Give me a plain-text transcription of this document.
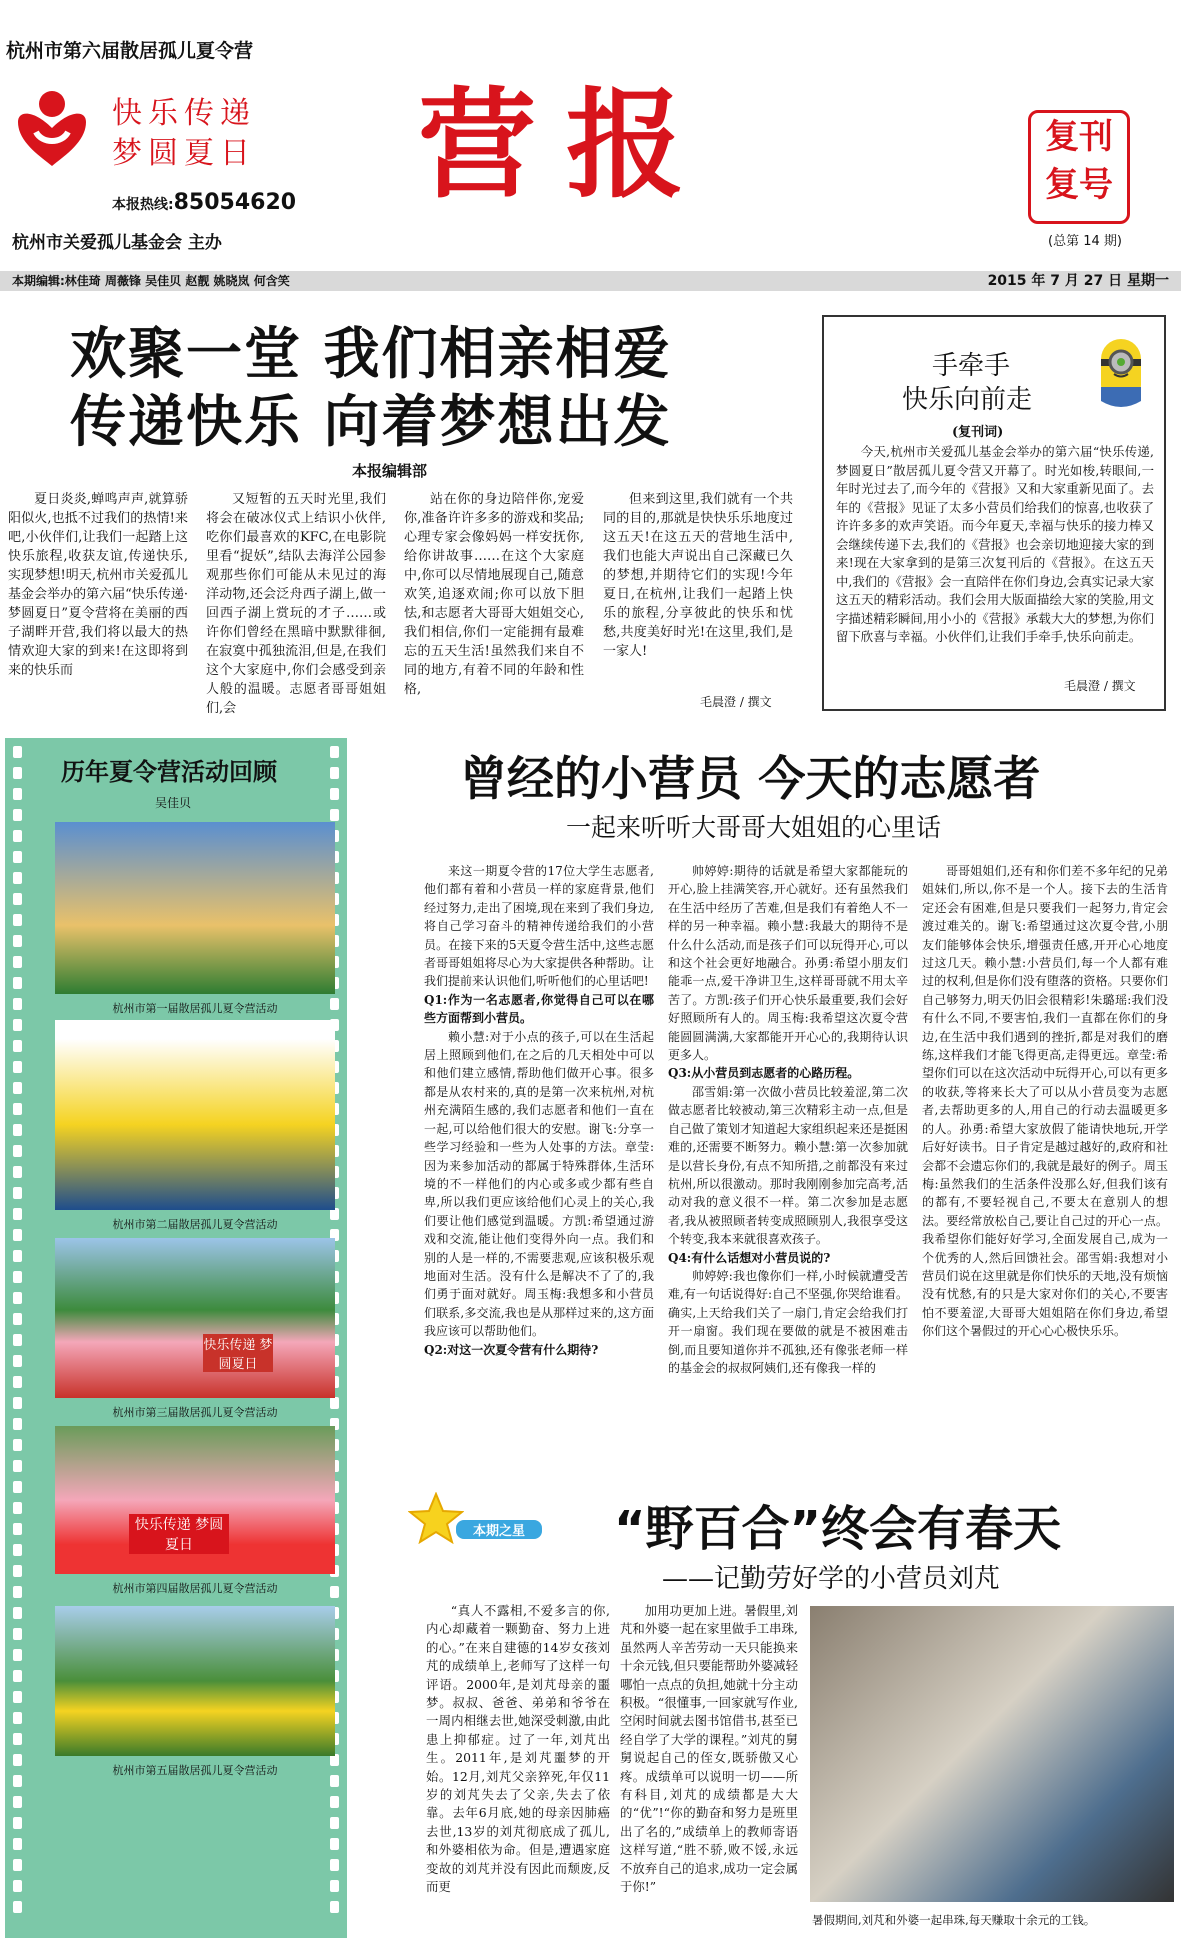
杭州市第六届散居孤儿夏令营
快乐传递
梦圆夏日
本报热线:85054620
杭州市关爱孤儿基金会 主办
营报	复刊
复号
(总第 14 期)
本期编辑:林佳琦 周薇锋 吴佳贝 赵靓 姚晓岚 何含笑	2015 年 7 月 27 日 星期一
欢聚一堂 我们相亲相爱
传递快乐 向着梦想出发
本报编辑部

夏日炎炎,蝉鸣声声,就算骄阳似火,也抵不过我们的热情!来吧,小伙伴们,让我们一起踏上这快乐旅程,收获友谊,传递快乐,实现梦想!明天,杭州市关爱孤儿基金会举办的第六届“快乐传递·梦圆夏日”夏令营将在美丽的西子湖畔开营,我们将以最大的热情欢迎大家的到来!在这即将到来的快乐而

又短暂的五天时光里,我们将会在破冰仪式上结识小伙伴,吃你们最喜欢的KFC,在电影院里看“捉妖”,结队去海洋公园参观那些你们可能从未见过的海洋动物,还会泛舟西子湖上,做一回西子湖上赏玩的才子……或许你们曾经在黑暗中默默徘徊,在寂寞中孤独流泪,但是,在我们这个大家庭中,你们会感受到亲人般的温暖。志愿者哥哥姐姐们,会

站在你的身边陪伴你,宠爱你,准备许许多多的游戏和奖品;心理专家会像妈妈一样安抚你,给你讲故事……在这个大家庭中,你可以尽情地展现自己,随意欢笑,追逐欢闹;你可以放下胆怯,和志愿者大哥哥大姐姐交心,我们相信,你们一定能拥有最难忘的五天生活!虽然我们来自不同的地方,有着不同的年龄和性格,

但来到这里,我们就有一个共同的目的,那就是快快乐乐地度过这五天!在这五天的营地生活中,我们也能大声说出自己深藏已久的梦想,并期待它们的实现!今年夏日,在杭州,让我们一起踏上快乐的旅程,分享彼此的快乐和忧愁,共度美好时光!在这里,我们,是一家人!

毛晨澄 / 撰文
手牵手
快乐向前走
(复刊词)

今天,杭州市关爱孤儿基金会举办的第六届“快乐传递,梦圆夏日”散居孤儿夏令营又开幕了。时光如梭,转眼间,一年时光过去了,而今年的《营报》又和大家重新见面了。去年的《营报》见证了太多小营员们给我们的惊喜,也收获了许许多多的欢声笑语。而今年夏天,幸福与快乐的接力棒又会继续传递下去,我们的《营报》也会亲切地迎接大家的到来!现在大家拿到的是第三次复刊后的《营报》。在这五天中,我们的《营报》会一直陪伴在你们身边,会真实记录大家这五天的精彩活动。我们会用大版面描绘大家的笑脸,用文字描述精彩瞬间,用小小的《营报》承载大大的梦想,为你们留下欣喜与幸福。小伙伴们,让我们手牵手,快乐向前走。

毛晨澄 / 撰文
历年夏令营活动回顾
吴佳贝
杭州市第一届散居孤儿夏令营活动
杭州市第二届散居孤儿夏令营活动
快乐传递 梦圆夏日
杭州市第三届散居孤儿夏令营活动
快乐传递 梦圆夏日
杭州市第四届散居孤儿夏令营活动
杭州市第五届散居孤儿夏令营活动
曾经的小营员 今天的志愿者
一起来听听大哥哥大姐姐的心里话

来这一期夏令营的17位大学生志愿者,他们都有着和小营员一样的家庭背景,他们经过努力,走出了困境,现在来到了我们身边,将自己学习奋斗的精神传递给我们的小营员。在接下来的5天夏令营生活中,这些志愿者哥哥姐姐将尽心为大家提供各种帮助。让我们提前来认识他们,听听他们的心里话吧!

Q1:作为一名志愿者,你觉得自己可以在哪些方面帮到小营员。

赖小慧:对于小点的孩子,可以在生活起居上照顾到他们,在之后的几天相处中可以和他们建立感情,帮助他们做开心事。很多都是从农村来的,真的是第一次来杭州,对杭州充满陌生感的,我们志愿者和他们一直在一起,可以给他们很大的安慰。谢飞:分享一些学习经验和一些为人处事的方法。章莹:因为来参加活动的都属于特殊群体,生活环境的不一样他们的内心或多或少都有些自卑,所以我们更应该给他们心灵上的关心,我们要让他们感觉到温暖。方凯:希望通过游戏和交流,能让他们变得外向一点。我们和别的人是一样的,不需要悲观,应该积极乐观地面对生活。没有什么是解决不了了的,我们勇于面对就好。周玉梅:我想多和小营员们联系,多交流,我也是从那样过来的,这方面我应该可以帮助他们。

Q2:对这一次夏令营有什么期待?

帅婷婷:期待的话就是希望大家都能玩的开心,脸上挂满笑容,开心就好。还有虽然我们在生活中经历了苦难,但是我们有着绝人不一样的另一种幸福。赖小慧:我最大的期待不是什么什么活动,而是孩子们可以玩得开心,可以和这个社会更好地融合。孙勇:希望小朋友们能乖一点,爱干净讲卫生,这样哥哥就不用太辛苦了。方凯:孩子们开心快乐最重要,我们会好好照顾所有人的。周玉梅:我希望这次夏令营能圆圆满满,大家都能开开心心的,我期待认识更多人。

Q3:从小营员到志愿者的心路历程。

邵雪娟:第一次做小营员比较羞涩,第二次做志愿者比较被动,第三次精彩主动一点,但是自己做了策划才知道起大家组织起来还是挺困难的,还需要不断努力。赖小慧:第一次参加就是以营长身份,有点不知所措,之前都没有来过杭州,所以很激动。那时我刚刚参加完高考,活动对我的意义很不一样。第二次参加是志愿者,我从被照顾者转变成照顾别人,我很享受这个转变,我本来就很喜欢孩子。

Q4:有什么话想对小营员说的?

帅婷婷:我也像你们一样,小时候就遭受苦难,有一句话说得好:自己不坚强,你哭给谁看。确实,上天给我们关了一扇门,肯定会给我们打开一扇窗。我们现在要做的就是不被困难击倒,而且要知道你并不孤独,还有像张老师一样的基金会的叔叔阿姨们,还有像我一样的

哥哥姐姐们,还有和你们差不多年纪的兄弟姐妹们,所以,你不是一个人。接下去的生活肯定还会有困难,但是只要我们一起努力,肯定会渡过难关的。谢飞:希望通过这次夏令营,小朋友们能够体会快乐,增强责任感,开开心心地度过这几天。赖小慧:小营员们,每一个人都有难过的权利,但是你们没有堕落的资格。只要你们自己够努力,明天仍旧会很精彩!朱璐瑶:我们没有什么不同,不要害怕,我们一直都在你们的身边,在生活中我们遇到的挫折,都是对我们的磨练,这样我们才能飞得更高,走得更远。章莹:希望你们可以在这次活动中玩得开心,可以有更多的收获,等将来长大了可以从小营员变为志愿者,去帮助更多的人,用自己的行动去温暖更多的人。孙勇:希望大家放假了能请快地玩,开学后好好读书。日子肯定是越过越好的,政府和社会都不会遗忘你们的,我就是最好的例子。周玉梅:虽然我们的生活条件没那么好,但我们该有的都有,不要轻视自己,不要太在意别人的想法。要经常放松自己,要让自己过的开心一点。我希望你们能好好学习,全面发展自己,成为一个优秀的人,然后回馈社会。邵雪娟:我想对小营员们说在这里就是你们快乐的天地,没有烦恼没有忧愁,有的只是大家对你们的关心,不要害怕不要羞涩,大哥哥大姐姐陪在你们身边,希望你们这个暑假过的开心心心极快乐乐。

本期之星	“野百合”终会有春天
——记勤劳好学的小营员刘芃

“真人不露相,不爱多言的你,内心却藏着一颗勤奋、努力上进的心。”在来自建德的14岁女孩刘芃的成绩单上,老师写了这样一句评语。2000年,是刘芃母亲的噩梦。叔叔、爸爸、弟弟和爷爷在一周内相继去世,她深受刺激,由此患上抑郁症。过了一年,刘芃出生。2011年,是刘芃噩梦的开始。12月,刘芃父亲猝死,年仅11岁的刘芃失去了父亲,失去了依靠。去年6月底,她的母亲因肺癌去世,13岁的刘芃彻底成了孤儿,和外婆相依为命。但是,遭遇家庭变故的刘芃并没有因此而颓废,反而更

加用功更加上进。暑假里,刘芃和外婆一起在家里做手工串珠,虽然两人辛苦劳动一天只能换来十余元钱,但只要能帮助外婆减轻哪怕一点点的负担,她就十分主动积极。“很懂事,一回家就写作业,空闲时间就去图书馆借书,甚至已经自学了大学的课程。”刘芃的舅舅说起自己的侄女,既骄傲又心疼。成绩单可以说明一切——所有科目,刘芃的成绩都是大大的“优”!“你的勤奋和努力是班里出了名的,”成绩单上的教师寄语这样写道,“胜不骄,败不馁,永远不放弃自己的追求,成功一定会属于你!”

暑假期间,刘芃和外婆一起串珠,每天赚取十余元的工钱。
